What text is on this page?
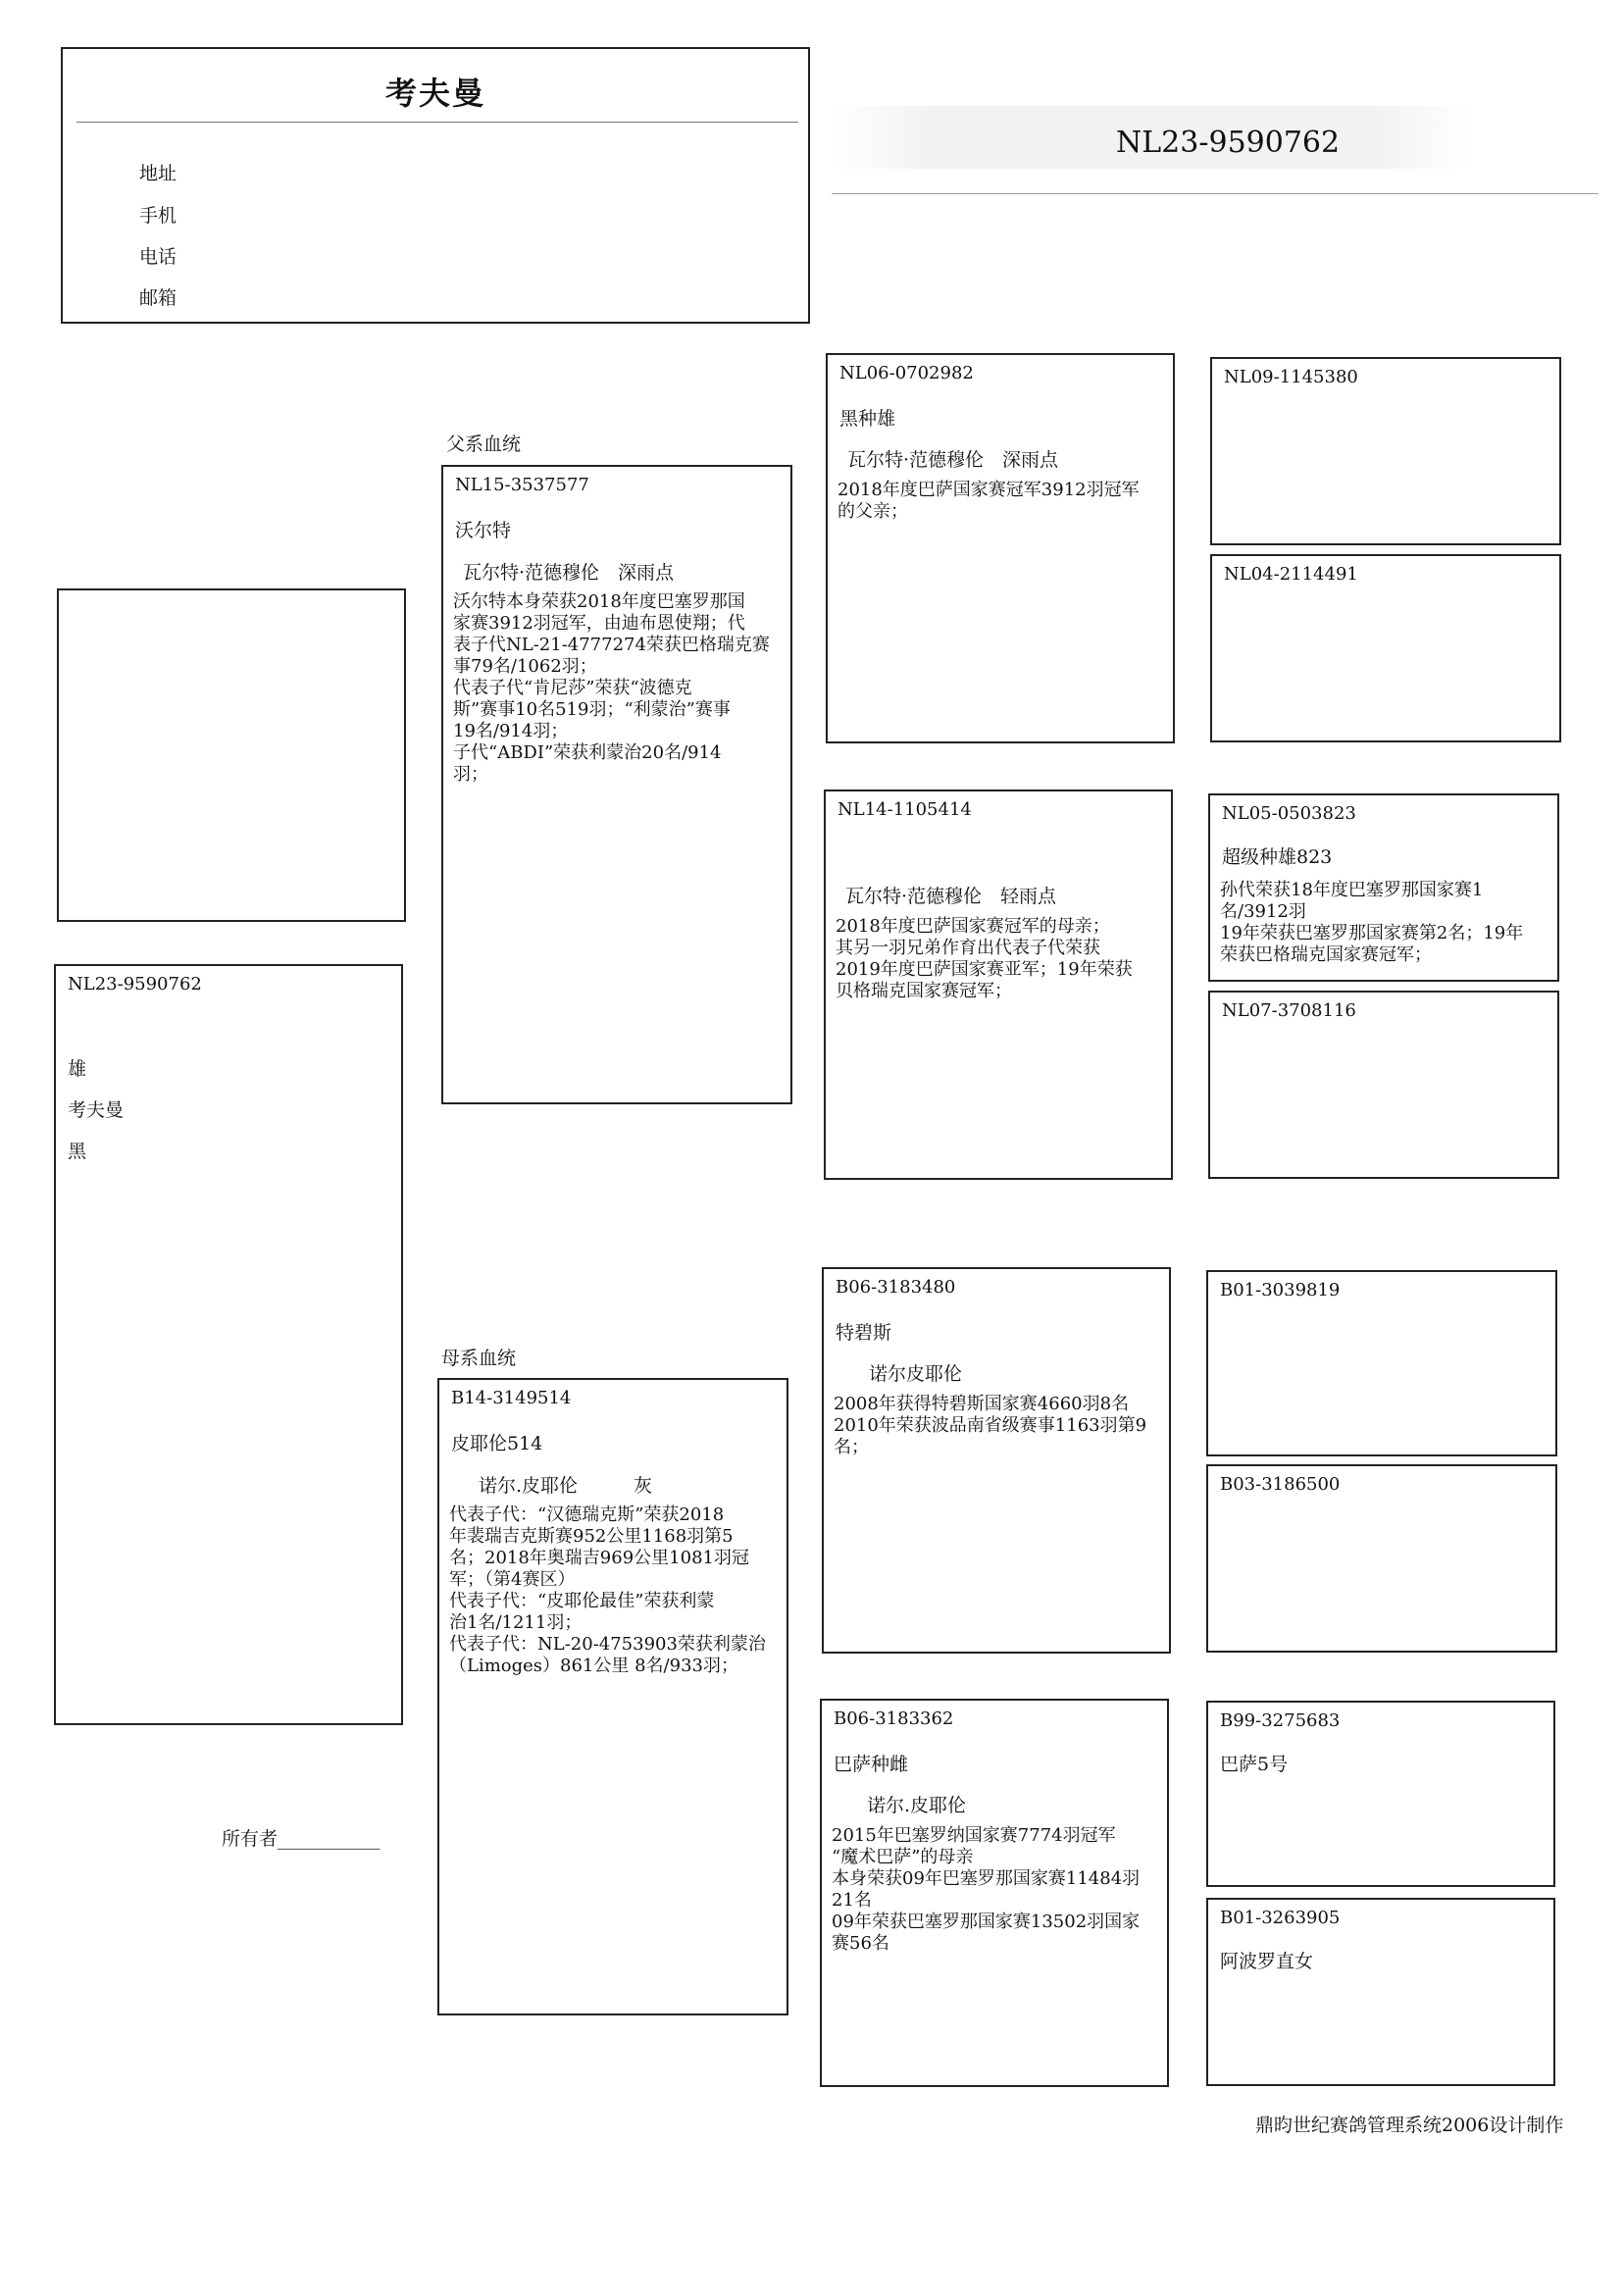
考夫曼
地址
手机
电话
邮箱
NL23-9590762
NL23-9590762
雄
考夫曼
黑
所有者___________
父系血统
母系血统
NL15-3537577
沃尔特
瓦尔特·范德穆伦　深雨点
沃尔特本身荣获2018年度巴塞罗那国
家赛3912羽冠军，由迪布恩使翔；代
表子代NL-21-4777274荣获巴格瑞克赛
事79名/1062羽；
代表子代“肯尼莎”荣获“波德克
斯”赛事10名519羽；“利蒙治”赛事
19名/914羽；
子代“ABDI”荣获利蒙治20名/914
羽；
B14-3149514
皮耶伦514
诺尔.皮耶伦　　　灰
代表子代：“汉德瑞克斯”荣获2018
年裴瑞吉克斯赛952公里1168羽第5
名；2018年奥瑞吉969公里1081羽冠
军；（第4赛区）
代表子代：“皮耶伦最佳”荣获利蒙
治1名/1211羽；
代表子代：NL-20-4753903荣获利蒙治
（Limoges）861公里 8名/933羽；
NL06-0702982
黑种雄
瓦尔特·范德穆伦　深雨点
2018年度巴萨国家赛冠军3912羽冠军
的父亲；
NL14-1105414
瓦尔特·范德穆伦　轻雨点
2018年度巴萨国家赛冠军的母亲；
其另一羽兄弟作育出代表子代荣获
2019年度巴萨国家赛亚军；19年荣获
贝格瑞克国家赛冠军；
B06-3183480
特碧斯
诺尔皮耶伦
2008年获得特碧斯国家赛4660羽8名
2010年荣获波品南省级赛事1163羽第9
名；
B06-3183362
巴萨种雌
诺尔.皮耶伦
2015年巴塞罗纳国家赛7774羽冠军
“魔术巴萨”的母亲
本身荣获09年巴塞罗那国家赛11484羽
21名
09年荣获巴塞罗那国家赛13502羽国家
赛56名
NL09-1145380
NL04-2114491
NL05-0503823
超级种雄823
孙代荣获18年度巴塞罗那国家赛1
名/3912羽
19年荣获巴塞罗那国家赛第2名；19年
荣获巴格瑞克国家赛冠军；
NL07-3708116
B01-3039819
B03-3186500
B99-3275683
巴萨5号
B01-3263905
阿波罗直女
鼎昀世纪赛鸽管理系统2006设计制作
